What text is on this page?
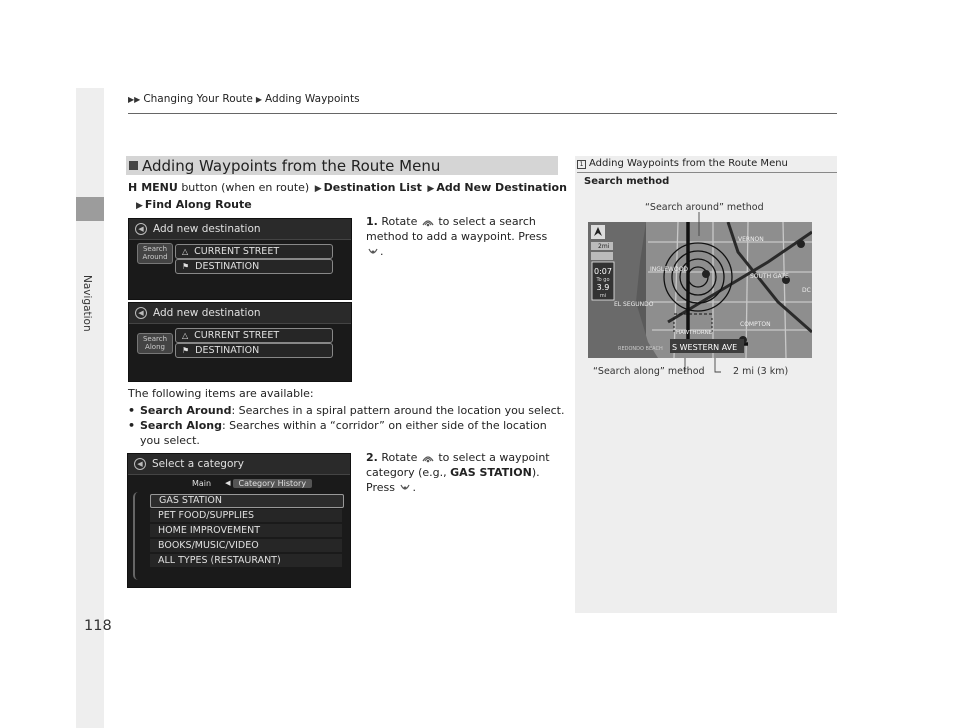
Navigation
118
▶▶ Changing Your Route ▶ Adding Waypoints
Adding Waypoints from the Route Menu
H MENU button (when en route) ▶ Destination List ▶ Add New Destination
▶ Find Along Route
◀ Add new destination
Search Around
△ CURRENT STREET
⚑ DESTINATION
◀ Add new destination
Search Along
△ CURRENT STREET
⚑ DESTINATION
1. Rotate to select a search method to add a waypoint. Press
.
The following items are available:
• Search Around: Searches in a spiral pattern around the location you select.
• Search Along: Searches within a “corridor” on either side of the location you select.
◀ Select a category
Main ◀	Category History
GAS STATION
PET FOOD/SUPPLIES
HOME IMPROVEMENT
BOOKS/MUSIC/VIDEO
ALL TYPES (RESTAURANT)
2. Rotate to select a waypoint category (e.g., GAS STATION).
Press .
1 Adding Waypoints from the Route Menu
Search method
“Search around” method
2mi
0:07
To go
3.9
mi
VERNON
INGLEWOOD
SOUTH GATE
EL SEGUNDO
COMPTON
HAWTHORNE
REDONDO BEACH
DC
S WESTERN AVE
“Search along” method	2 mi (3 km)
